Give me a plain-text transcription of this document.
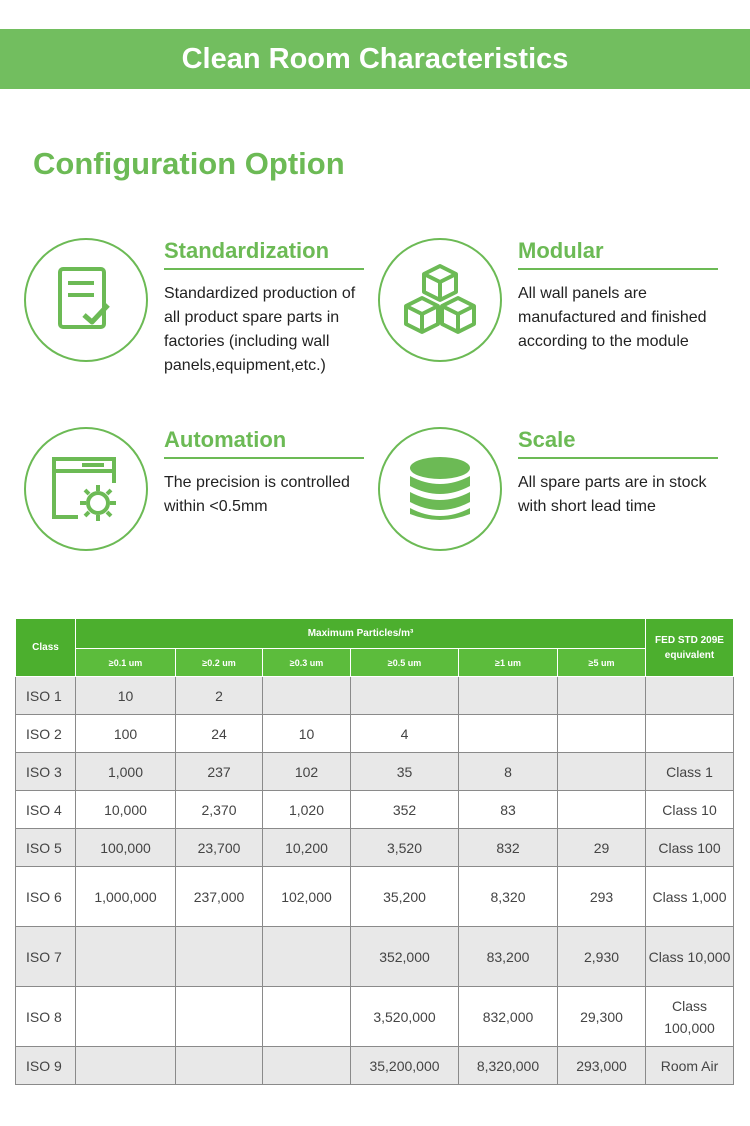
Clean Room Characteristics
Configuration Option
Standardization
Standardized production of all product spare parts in factories (including wall panels,equipment,etc.)
Modular
All wall panels are manufactured and finished according to the module
Automation
The precision is controlled within <0.5mm
Scale
All spare parts are in stock with short lead time
Class	Maximum Particles/m³						FED STD 209E equivalent
	≥0.1 um	≥0.2 um	≥0.3 um	≥0.5 um	≥1 um	≥5 um	
ISO 1	10	2					
ISO 2	100	24	10	4			
ISO 3	1,000	237	102	35	8		Class 1
ISO 4	10,000	2,370	1,020	352	83		Class 10
ISO 5	100,000	23,700	10,200	3,520	832	29	Class 100
ISO 6	1,000,000	237,000	102,000	35,200	8,320	293	Class 1,000
ISO 7				352,000	83,200	2,930	Class 10,000
ISO 8				3,520,000	832,000	29,300	Class 100,000
ISO 9				35,200,000	8,320,000	293,000	Room Air
